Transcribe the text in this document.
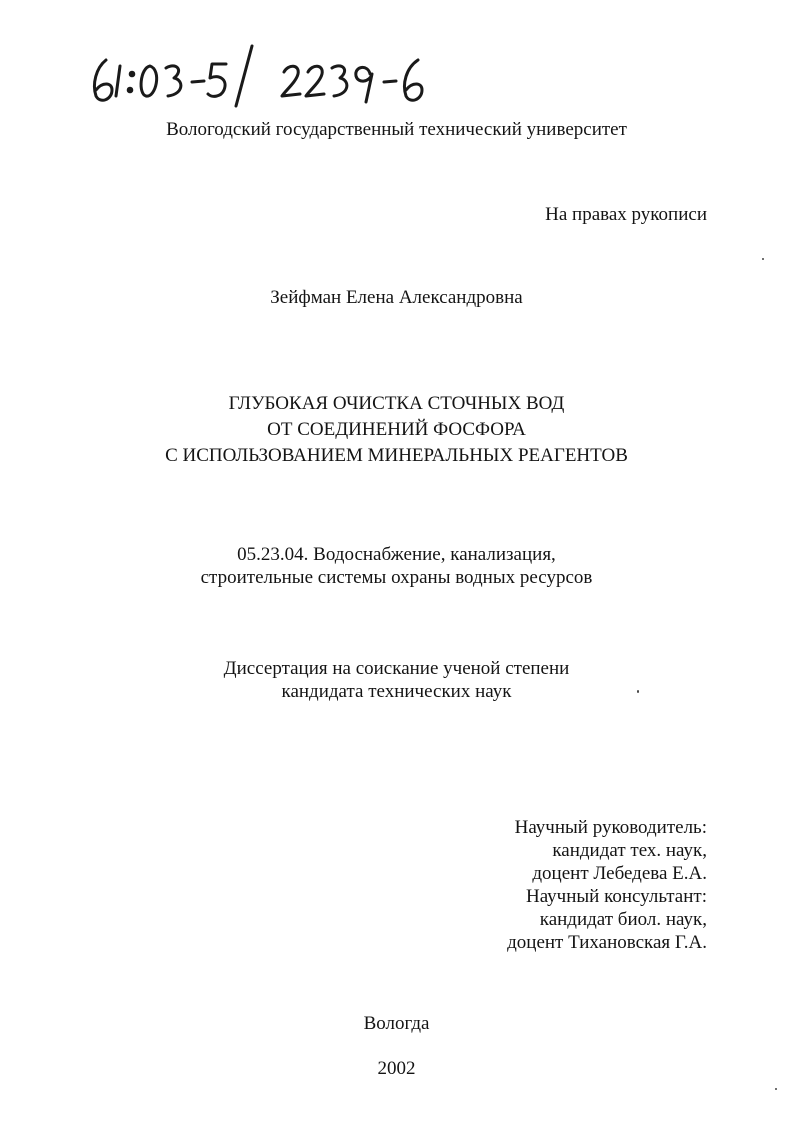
Вологодский государственный технический университет
На правах рукописи
Зейфман Елена Александровна
ГЛУБОКАЯ ОЧИСТКА СТОЧНЫХ ВОД
ОТ СОЕДИНЕНИЙ ФОСФОРА
С ИСПОЛЬЗОВАНИЕМ МИНЕРАЛЬНЫХ РЕАГЕНТОВ
05.23.04. Водоснабжение, канализация,
строительные системы охраны водных ресурсов
Диссертация на соискание ученой степени
кандидата технических наук
Научный руководитель:
кандидат тех. наук,
доцент Лебедева Е.А.
Научный консультант:
кандидат биол. наук,
доцент Тихановская Г.А.
Вологда
2002
